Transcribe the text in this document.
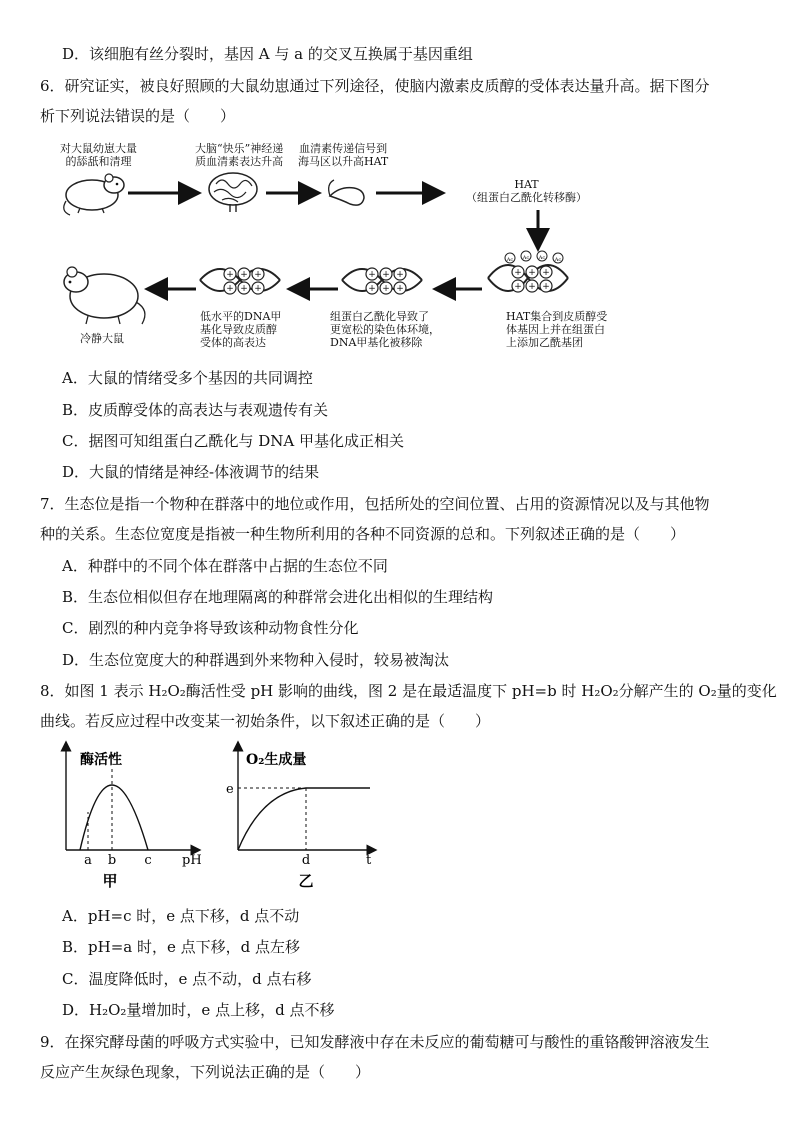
D．该细胞有丝分裂时，基因 A 与 a 的交叉互换属于基因重组
6．研究证实，被良好照顾的大鼠幼崽通过下列途径，使脑内激素皮质醇的受体表达量升高。据下图分
析下列说法错误的是（　　）
对大鼠幼崽大量
的舔舐和清理
大脑“快乐”神经递
质血清素表达升高
血清素传递信号到
海马区以升高HAT
HAT
（组蛋白乙酰化转移酶）
HAT集合到皮质醇受
体基因上并在组蛋白
上添加乙酰基团
组蛋白乙酰化导致了
更宽松的染色体环境，
DNA甲基化被移除
低水平的DNA甲
基化导致皮质醇
受体的高表达
冷静大鼠
+ + +
+ + +
Ac Ac Ac Ac
+ + +
+ + +
+ + +
+ + +
A．大鼠的情绪受多个基因的共同调控
B．皮质醇受体的高表达与表观遗传有关
C．据图可知组蛋白乙酰化与 DNA 甲基化成正相关
D．大鼠的情绪是神经-体液调节的结果
7．生态位是指一个物种在群落中的地位或作用，包括所处的空间位置、占用的资源情况以及与其他物
种的关系。生态位宽度是指被一种生物所利用的各种不同资源的总和。下列叙述正确的是（　　）
A．种群中的不同个体在群落中占据的生态位不同
B．生态位相似但存在地理隔离的种群常会进化出相似的生理结构
C．剧烈的种内竞争将导致该种动物食性分化
D．生态位宽度大的种群遇到外来物种入侵时，较易被淘汰
8．如图 1 表示 H₂O₂酶活性受 pH 影响的曲线，图 2 是在最适温度下 pH=b 时 H₂O₂分解产生的 O₂量的变化
曲线。若反应过程中改变某一初始条件，以下叙述正确的是（　　）
酶活性
a b c pH
甲
O₂生成量
e
d	t
乙
A．pH=c 时，e 点下移，d 点不动
B．pH=a 时，e 点下移，d 点左移
C．温度降低时，e 点不动，d 点右移
D．H₂O₂量增加时，e 点上移，d 点不移
9．在探究酵母菌的呼吸方式实验中，已知发酵液中存在未反应的葡萄糖可与酸性的重铬酸钾溶液发生
反应产生灰绿色现象，下列说法正确的是（　　）
